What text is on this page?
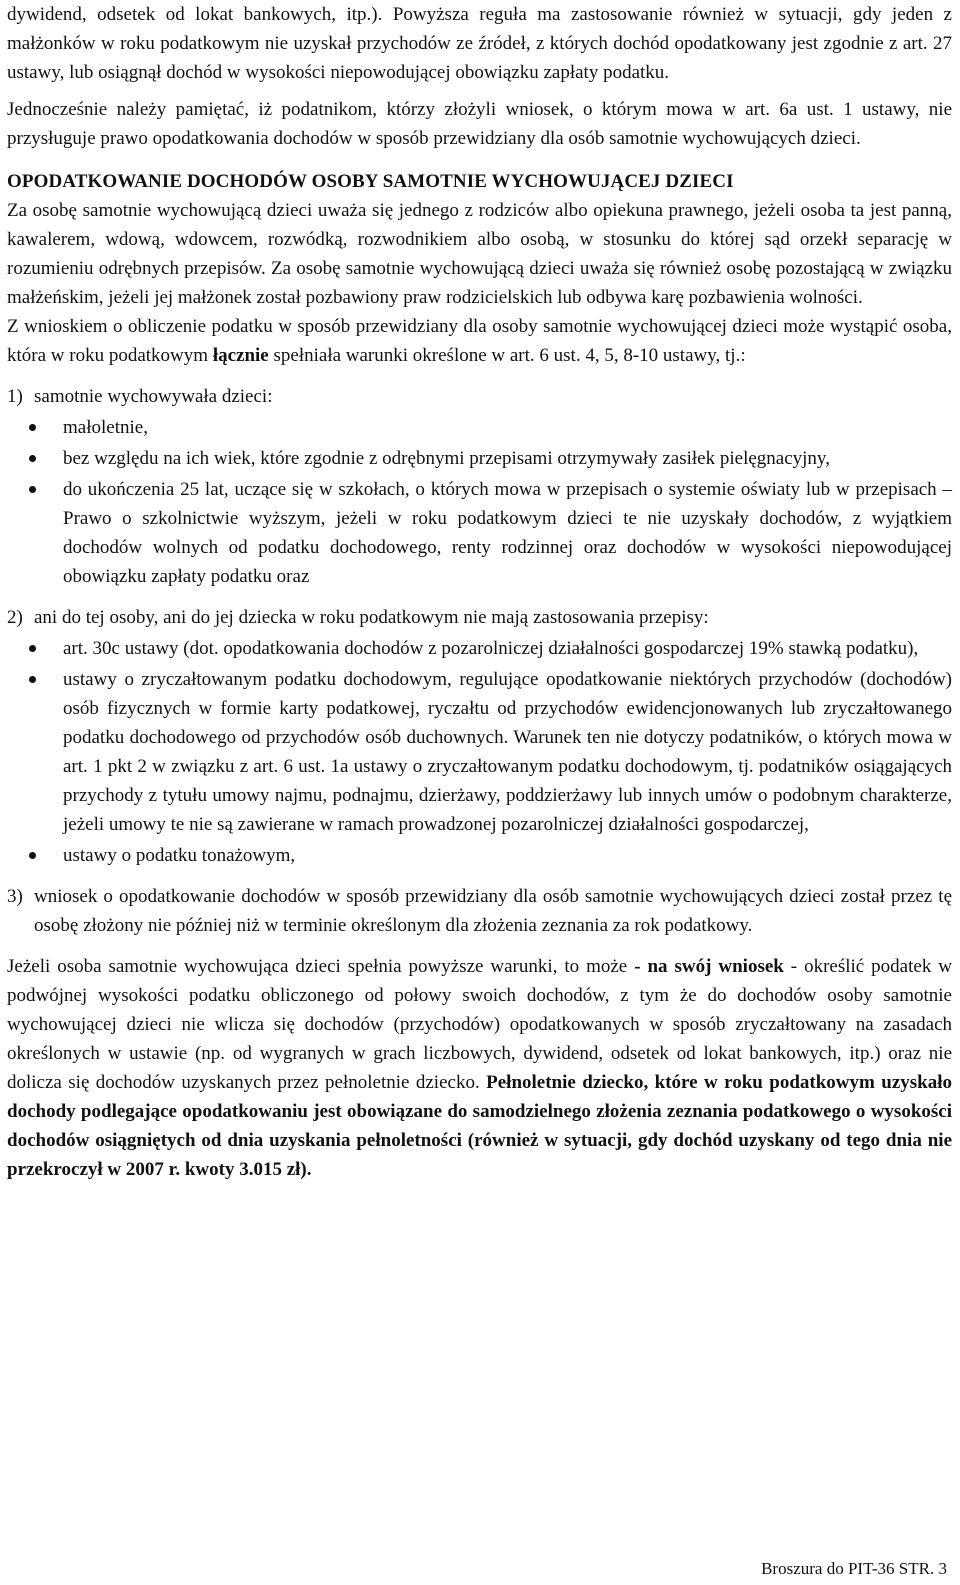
dywidend, odsetek od lokat bankowych, itp.). Powyższa reguła ma zastosowanie również w sytuacji, gdy jeden z małżonków w roku podatkowym nie uzyskał przychodów ze źródeł, z których dochód opodatkowany jest zgodnie z art. 27 ustawy, lub osiągnął dochód w wysokości niepowodującej obowiązku zapłaty podatku.

Jednocześnie należy pamiętać, iż podatnikom, którzy złożyli wniosek, o którym mowa w art. 6a ust. 1 ustawy, nie przysługuje prawo opodatkowania dochodów w sposób przewidziany dla osób samotnie wychowujących dzieci.

OPODATKOWANIE DOCHODÓW OSOBY SAMOTNIE WYCHOWUJĄCEJ DZIECI

Za osobę samotnie wychowującą dzieci uważa się jednego z rodziców albo opiekuna prawnego, jeżeli osoba ta jest panną, kawalerem, wdową, wdowcem, rozwódką, rozwodnikiem albo osobą, w stosunku do której sąd orzekł separację w rozumieniu odrębnych przepisów. Za osobę samotnie wychowującą dzieci uważa się również osobę pozostającą w związku małżeńskim, jeżeli jej małżonek został pozbawiony praw rodzicielskich lub odbywa karę pozbawienia wolności.

Z wnioskiem o obliczenie podatku w sposób przewidziany dla osoby samotnie wychowującej dzieci może wystąpić osoba, która w roku podatkowym łącznie spełniała warunki określone w art. 6 ust. 4, 5, 8-10 ustawy, tj.:

1) samotnie wychowywała dzieci:
małoletnie,
bez względu na ich wiek, które zgodnie z odrębnymi przepisami otrzymywały zasiłek pielęgnacyjny,
do ukończenia 25 lat, uczące się w szkołach, o których mowa w przepisach o systemie oświaty lub w przepisach – Prawo o szkolnictwie wyższym, jeżeli w roku podatkowym dzieci te nie uzyskały dochodów, z wyjątkiem dochodów wolnych od podatku dochodowego, renty rodzinnej oraz dochodów w wysokości niepowodującej obowiązku zapłaty podatku oraz
2) ani do tej osoby, ani do jej dziecka w roku podatkowym nie mają zastosowania przepisy:
art. 30c ustawy (dot. opodatkowania dochodów z pozarolniczej działalności gospodarczej 19% stawką podatku),
ustawy o zryczałtowanym podatku dochodowym, regulujące opodatkowanie niektórych przychodów (dochodów) osób fizycznych w formie karty podatkowej, ryczałtu od przychodów ewidencjonowanych lub zryczałtowanego podatku dochodowego od przychodów osób duchownych. Warunek ten nie dotyczy podatników, o których mowa w art. 1 pkt 2 w związku z art. 6 ust. 1a ustawy o zryczałtowanym podatku dochodowym, tj. podatników osiągających przychody z tytułu umowy najmu, podnajmu, dzierżawy, poddzierżawy lub innych umów o podobnym charakterze, jeżeli umowy te nie są zawierane w ramach prowadzonej pozarolniczej działalności gospodarczej,
ustawy o podatku tonażowym,
3) wniosek o opodatkowanie dochodów w sposób przewidziany dla osób samotnie wychowujących dzieci został przez tę osobę złożony nie później niż w terminie określonym dla złożenia zeznania za rok podatkowy.

Jeżeli osoba samotnie wychowująca dzieci spełnia powyższe warunki, to może - na swój wniosek - określić podatek w podwójnej wysokości podatku obliczonego od połowy swoich dochodów, z tym że do dochodów osoby samotnie wychowującej dzieci nie wlicza się dochodów (przychodów) opodatkowanych w sposób zryczałtowany na zasadach określonych w ustawie (np. od wygranych w grach liczbowych, dywidend, odsetek od lokat bankowych, itp.) oraz nie dolicza się dochodów uzyskanych przez pełnoletnie dziecko. Pełnoletnie dziecko, które w roku podatkowym uzyskało dochody podlegające opodatkowaniu jest obowiązane do samodzielnego złożenia zeznania podatkowego o wysokości dochodów osiągniętych od dnia uzyskania pełnoletności (również w sytuacji, gdy dochód uzyskany od tego dnia nie przekroczył w 2007 r. kwoty 3.015 zł).

Broszura do PIT-36 STR. 3
